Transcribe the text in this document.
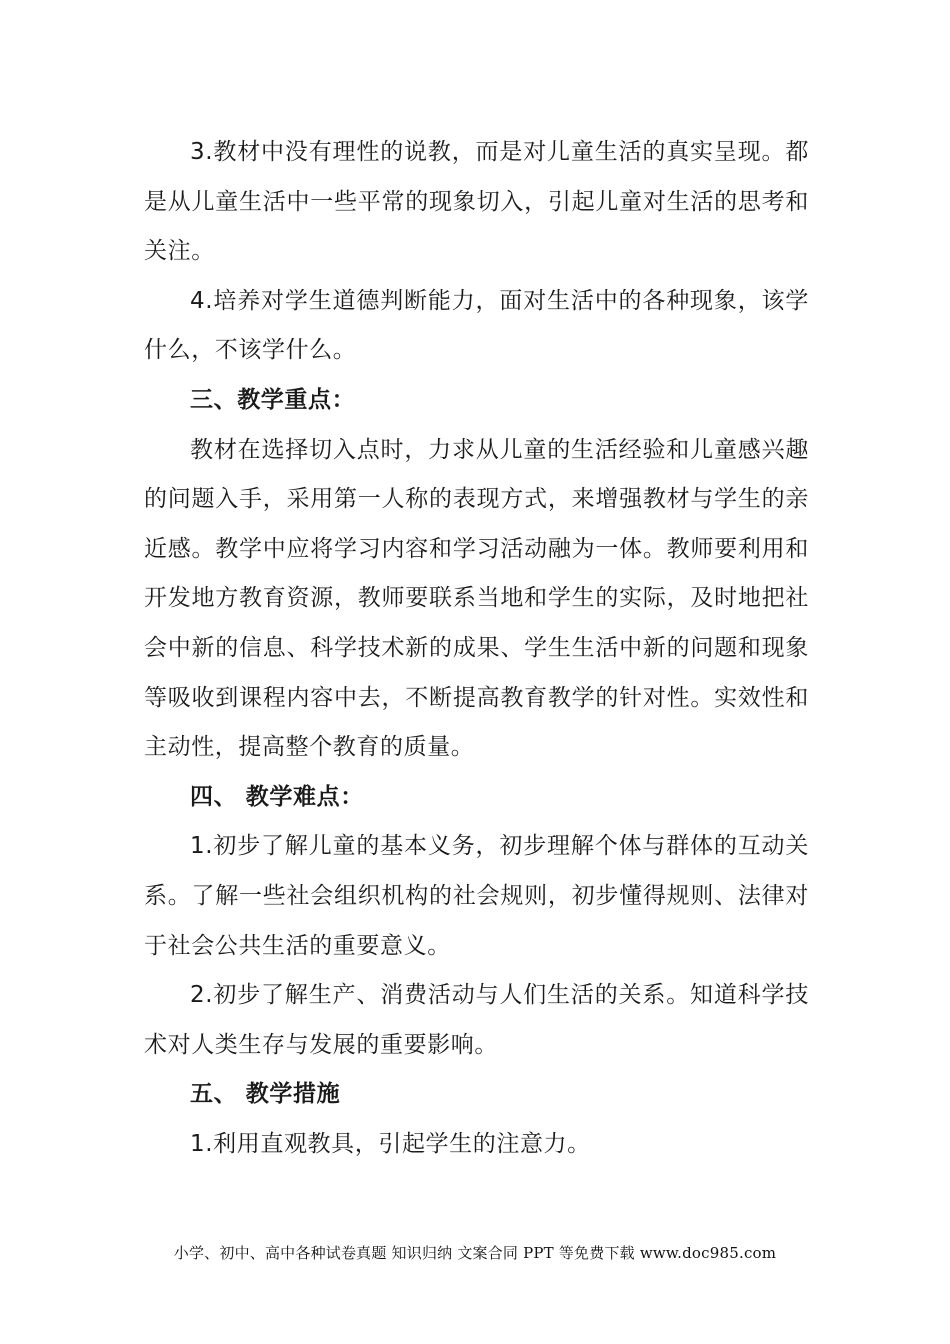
3.教材中没有理性的说教，而是对儿童生活的真实呈现。都是从儿童生活中一些平常的现象切入，引起儿童对生活的思考和关注。

4.培养对学生道德判断能力，面对生活中的各种现象，该学什么，不该学什么。

三、教学重点：

教材在选择切入点时，力求从儿童的生活经验和儿童感兴趣的问题入手，采用第一人称的表现方式，来增强教材与学生的亲近感。教学中应将学习内容和学习活动融为一体。教师要利用和开发地方教育资源，教师要联系当地和学生的实际，及时地把社会中新的信息、科学技术新的成果、学生生活中新的问题和现象等吸收到课程内容中去，不断提高教育教学的针对性。实效性和主动性，提高整个教育的质量。

四、 教学难点：

1.初步了解儿童的基本义务，初步理解个体与群体的互动关系。了解一些社会组织机构的社会规则，初步懂得规则、法律对于社会公共生活的重要意义。

2.初步了解生产、消费活动与人们生活的关系。知道科学技术对人类生存与发展的重要影响。

五、 教学措施

1.利用直观教具，引起学生的注意力。

小学、初中、高中各种试卷真题 知识归纳 文案合同 PPT 等免费下载 www.doc985.com
